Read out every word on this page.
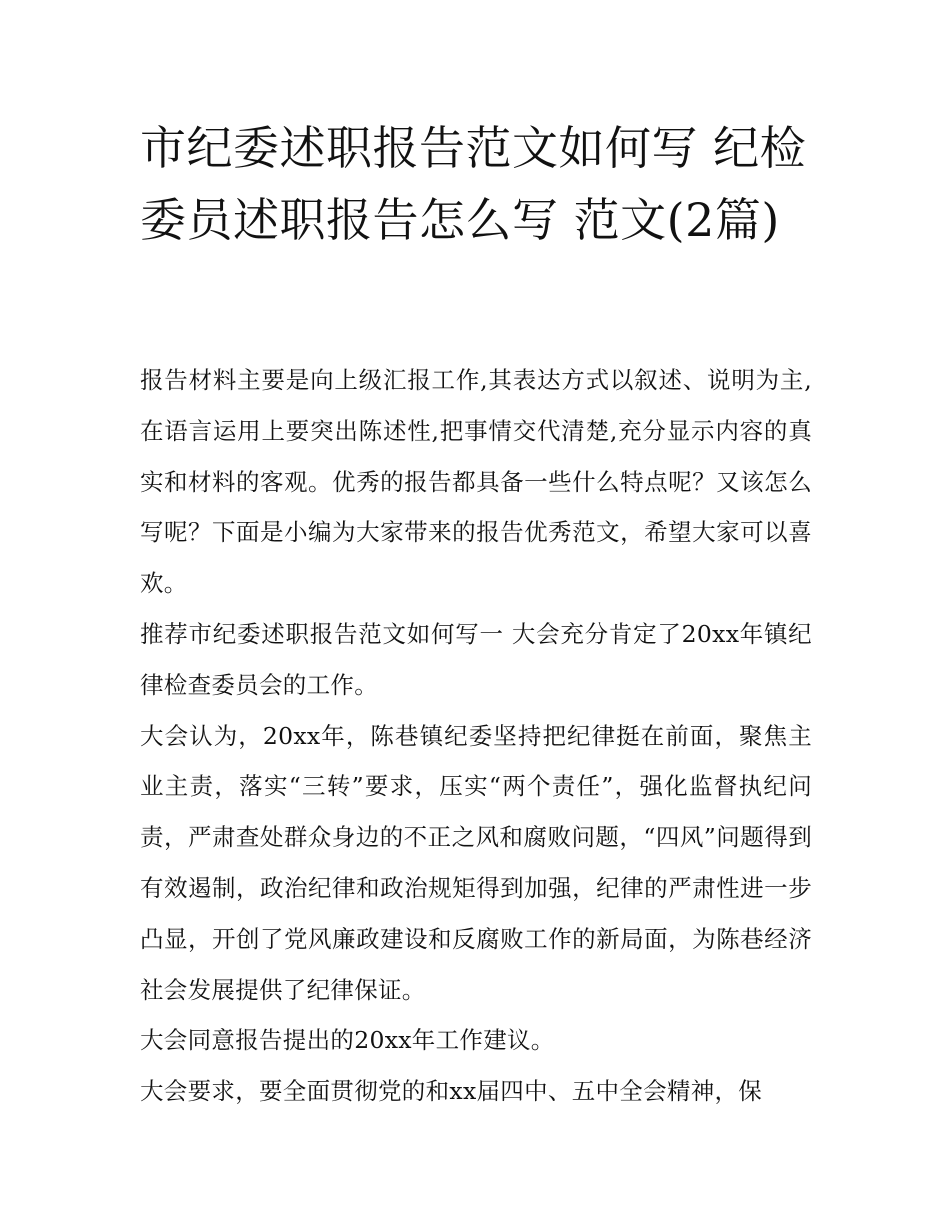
市纪委述职报告范文如何写 纪检委员述职报告怎么写 范文(2篇)

报告材料主要是向上级汇报工作,其表达方式以叙述、说明为主,在语言运用上要突出陈述性,把事情交代清楚,充分显示内容的真实和材料的客观。优秀的报告都具备一些什么特点呢？又该怎么写呢？下面是小编为大家带来的报告优秀范文，希望大家可以喜欢。

推荐市纪委述职报告范文如何写一 大会充分肯定了20xx年镇纪律检查委员会的工作。

大会认为，20xx年，陈巷镇纪委坚持把纪律挺在前面，聚焦主业主责，落实“三转”要求，压实“两个责任”，强化监督执纪问责，严肃查处群众身边的不正之风和腐败问题，“四风”问题得到有效遏制，政治纪律和政治规矩得到加强，纪律的严肃性进一步凸显，开创了党风廉政建设和反腐败工作的新局面，为陈巷经济社会发展提供了纪律保证。

大会同意报告提出的20xx年工作建议。

大会要求，要全面贯彻党的和xx届四中、五中全会精神，保
